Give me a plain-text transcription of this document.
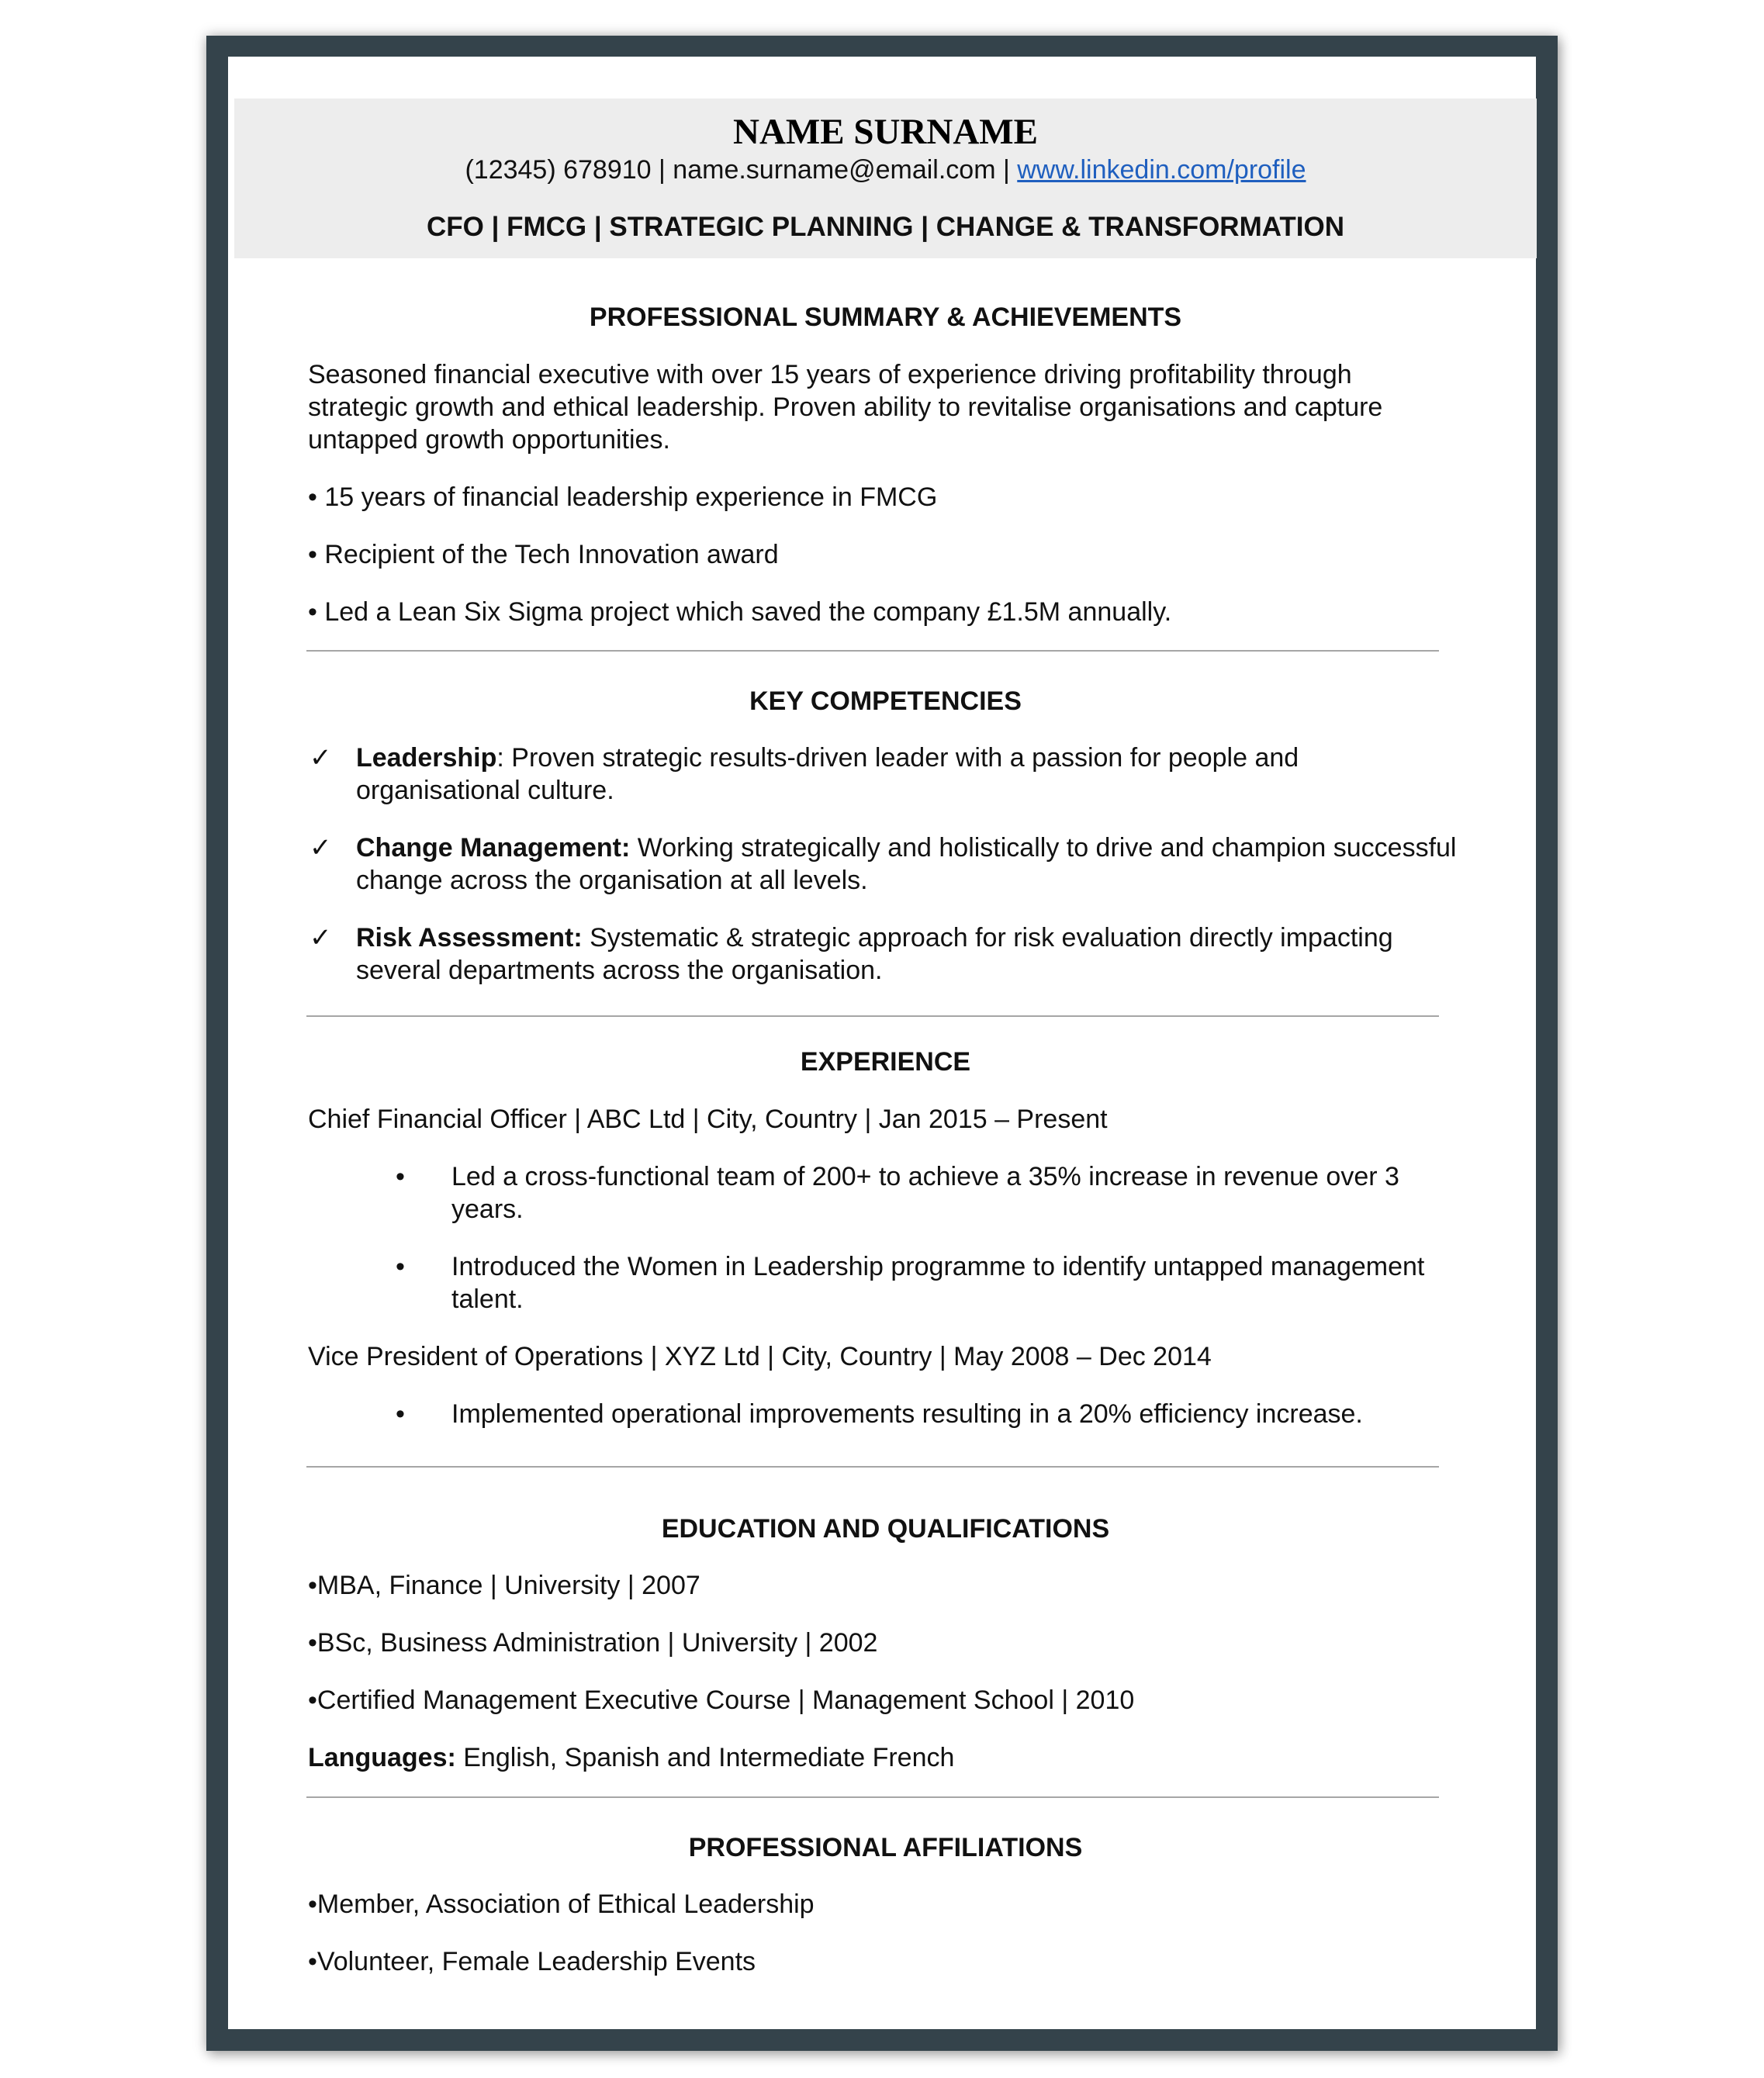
NAME SURNAME
(12345) 678910 | name.surname@email.com | www.linkedin.com/profile
CFO | FMCG | STRATEGIC PLANNING | CHANGE & TRANSFORMATION
PROFESSIONAL SUMMARY & ACHIEVEMENTS
Seasoned financial executive with over 15 years of experience driving profitability through strategic growth and ethical leadership. Proven ability to revitalise organisations and capture untapped growth opportunities.
• 15 years of financial leadership experience in FMCG
• Recipient of the Tech Innovation award
• Led a Lean Six Sigma project which saved the company £1.5M annually.
KEY COMPETENCIES
✓ Leadership: Proven strategic results-driven leader with a passion for people and organisational culture.
✓ Change Management: Working strategically and holistically to drive and champion successful change across the organisation at all levels.
✓ Risk Assessment: Systematic & strategic approach for risk evaluation directly impacting several departments across the organisation.
EXPERIENCE
Chief Financial Officer | ABC Ltd | City, Country | Jan 2015 – Present
• Led a cross-functional team of 200+ to achieve a 35% increase in revenue over 3 years.
• Introduced the Women in Leadership programme to identify untapped management talent.
Vice President of Operations | XYZ Ltd | City, Country | May 2008 – Dec 2014
• Implemented operational improvements resulting in a 20% efficiency increase.
EDUCATION AND QUALIFICATIONS
•MBA, Finance | University | 2007
•BSc, Business Administration | University | 2002
•Certified Management Executive Course | Management School | 2010
Languages: English, Spanish and Intermediate French
PROFESSIONAL AFFILIATIONS
•Member, Association of Ethical Leadership
•Volunteer, Female Leadership Events
